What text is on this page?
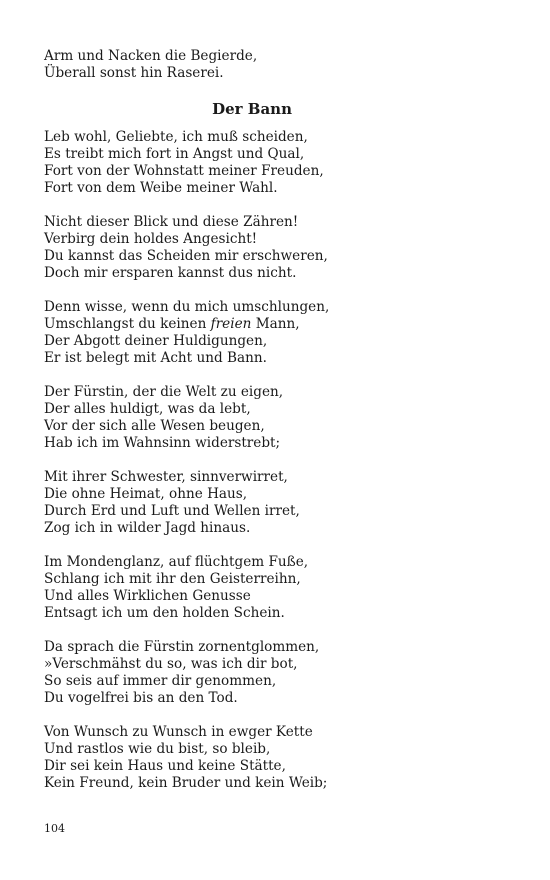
Arm und Nacken die Begierde,
Überall sonst hin Raserei.
Der Bann
Leb wohl, Geliebte, ich muß scheiden,
Es treibt mich fort in Angst und Qual,
Fort von der Wohnstatt meiner Freuden,
Fort von dem Weibe meiner Wahl.
Nicht dieser Blick und diese Zähren!
Verbirg dein holdes Angesicht!
Du kannst das Scheiden mir erschweren,
Doch mir ersparen kannst dus nicht.
Denn wisse, wenn du mich umschlungen,
Umschlangst du keinen freien Mann,
Der Abgott deiner Huldigungen,
Er ist belegt mit Acht und Bann.
Der Fürstin, der die Welt zu eigen,
Der alles huldigt, was da lebt,
Vor der sich alle Wesen beugen,
Hab ich im Wahnsinn widerstrebt;
Mit ihrer Schwester, sinnverwirret,
Die ohne Heimat, ohne Haus,
Durch Erd und Luft und Wellen irret,
Zog ich in wilder Jagd hinaus.
Im Mondenglanz, auf flüchtgem Fuße,
Schlang ich mit ihr den Geisterreihn,
Und alles Wirklichen Genusse
Entsagt ich um den holden Schein.
Da sprach die Fürstin zornentglommen,
»Verschmähst du so, was ich dir bot,
So seis auf immer dir genommen,
Du vogelfrei bis an den Tod.
Von Wunsch zu Wunsch in ewger Kette
Und rastlos wie du bist, so bleib,
Dir sei kein Haus und keine Stätte,
Kein Freund, kein Bruder und kein Weib;
104
